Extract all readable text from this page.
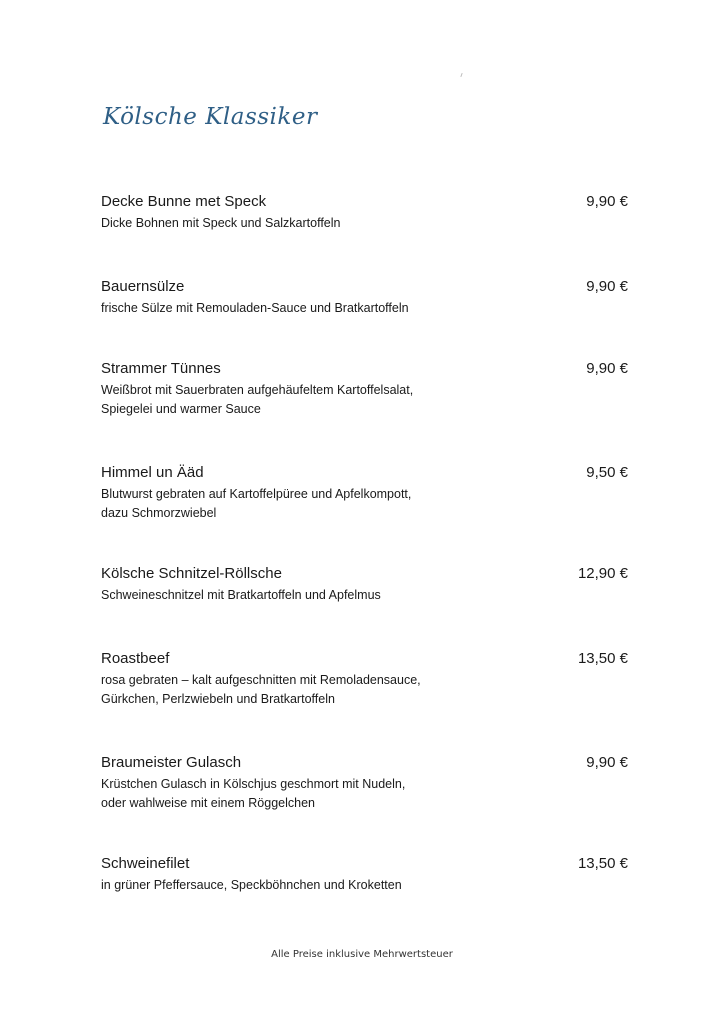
Kölsche Klassiker
Decke Bunne met Speck	9,90 €
Dicke Bohnen mit Speck und Salzkartoffeln
Bauernsülze	9,90 €
frische Sülze mit Remouladen-Sauce und Bratkartoffeln
Strammer Tünnes	9,90 €
Weißbrot mit Sauerbraten aufgehäufeltem Kartoffelsalat,
Spiegelei und warmer Sauce
Himmel un Ääd	9,50 €
Blutwurst gebraten auf Kartoffelpüree und Apfelkompott,
dazu Schmorzwiebel
Kölsche Schnitzel-Röllsche	12,90 €
Schweineschnitzel mit Bratkartoffeln und Apfelmus
Roastbeef	13,50 €
rosa gebraten – kalt aufgeschnitten mit Remoladensauce,
Gürkchen, Perlzwiebeln und Bratkartoffeln
Braumeister Gulasch	9,90 €
Krüstchen Gulasch in Kölschjus geschmort mit Nudeln,
oder wahlweise mit einem Röggelchen
Schweinefilet	13,50 €
in grüner Pfeffersauce, Speckböhnchen und Kroketten
Alle Preise inklusive Mehrwertsteuer
